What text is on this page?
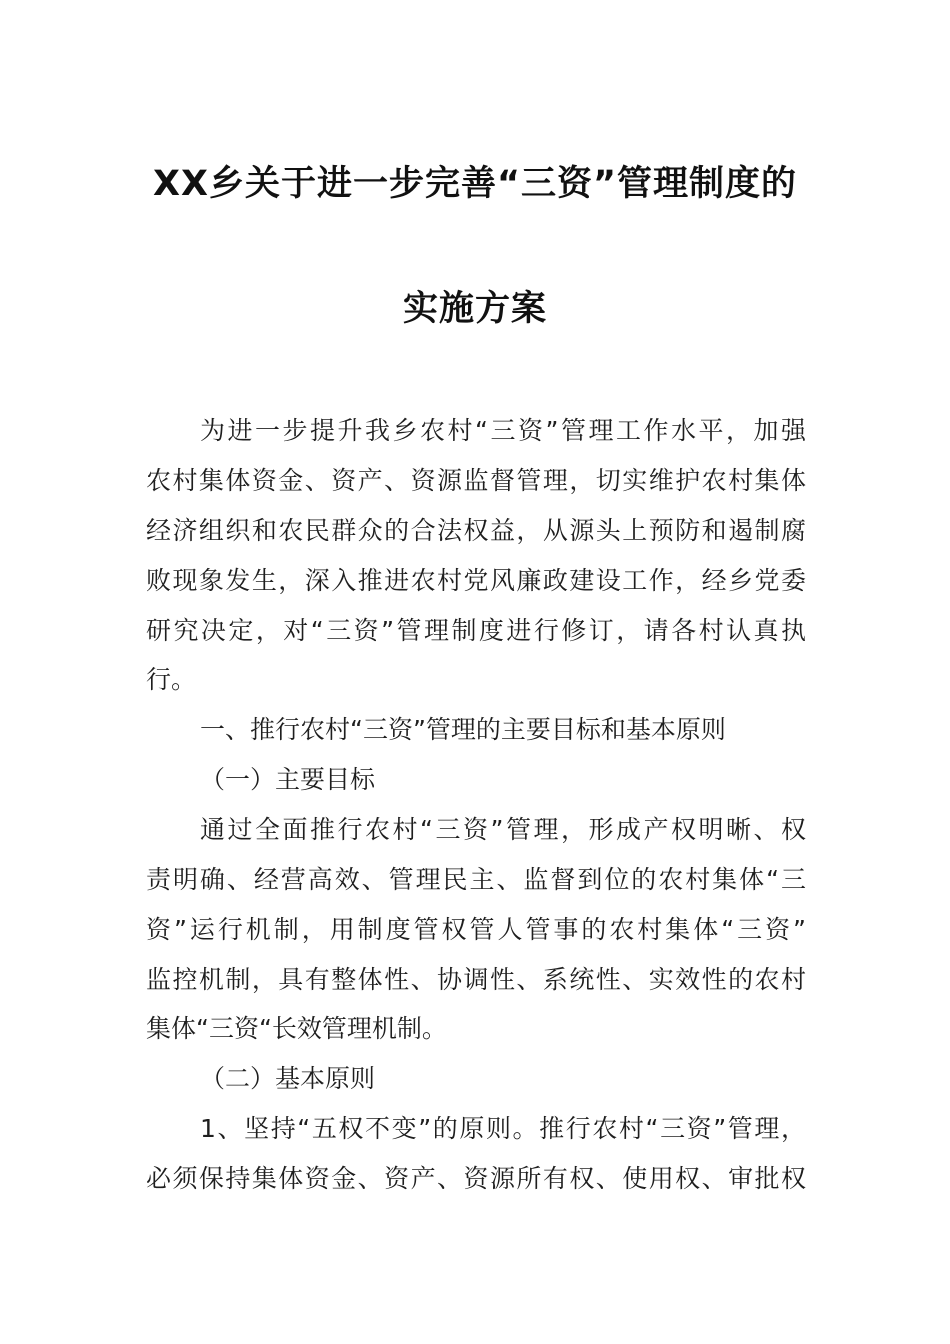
XX乡关于进一步完善“三资”管理制度的
实施方案
为进一步提升我乡农村“三资”管理工作水平，加强
农村集体资金、资产、资源监督管理，切实维护农村集体
经济组织和农民群众的合法权益，从源头上预防和遏制腐
败现象发生，深入推进农村党风廉政建设工作，经乡党委
研究决定，对“三资”管理制度进行修订，请各村认真执
行。
一、推行农村“三资”管理的主要目标和基本原则
（一）主要目标
通过全面推行农村“三资”管理，形成产权明晰、权
责明确、经营高效、管理民主、监督到位的农村集体“三
资”运行机制，用制度管权管人管事的农村集体“三资”
监控机制，具有整体性、协调性、系统性、实效性的农村
集体“三资“长效管理机制。
（二）基本原则
1、坚持“五权不变”的原则。推行农村“三资”管理，
必须保持集体资金、资产、资源所有权、使用权、审批权
